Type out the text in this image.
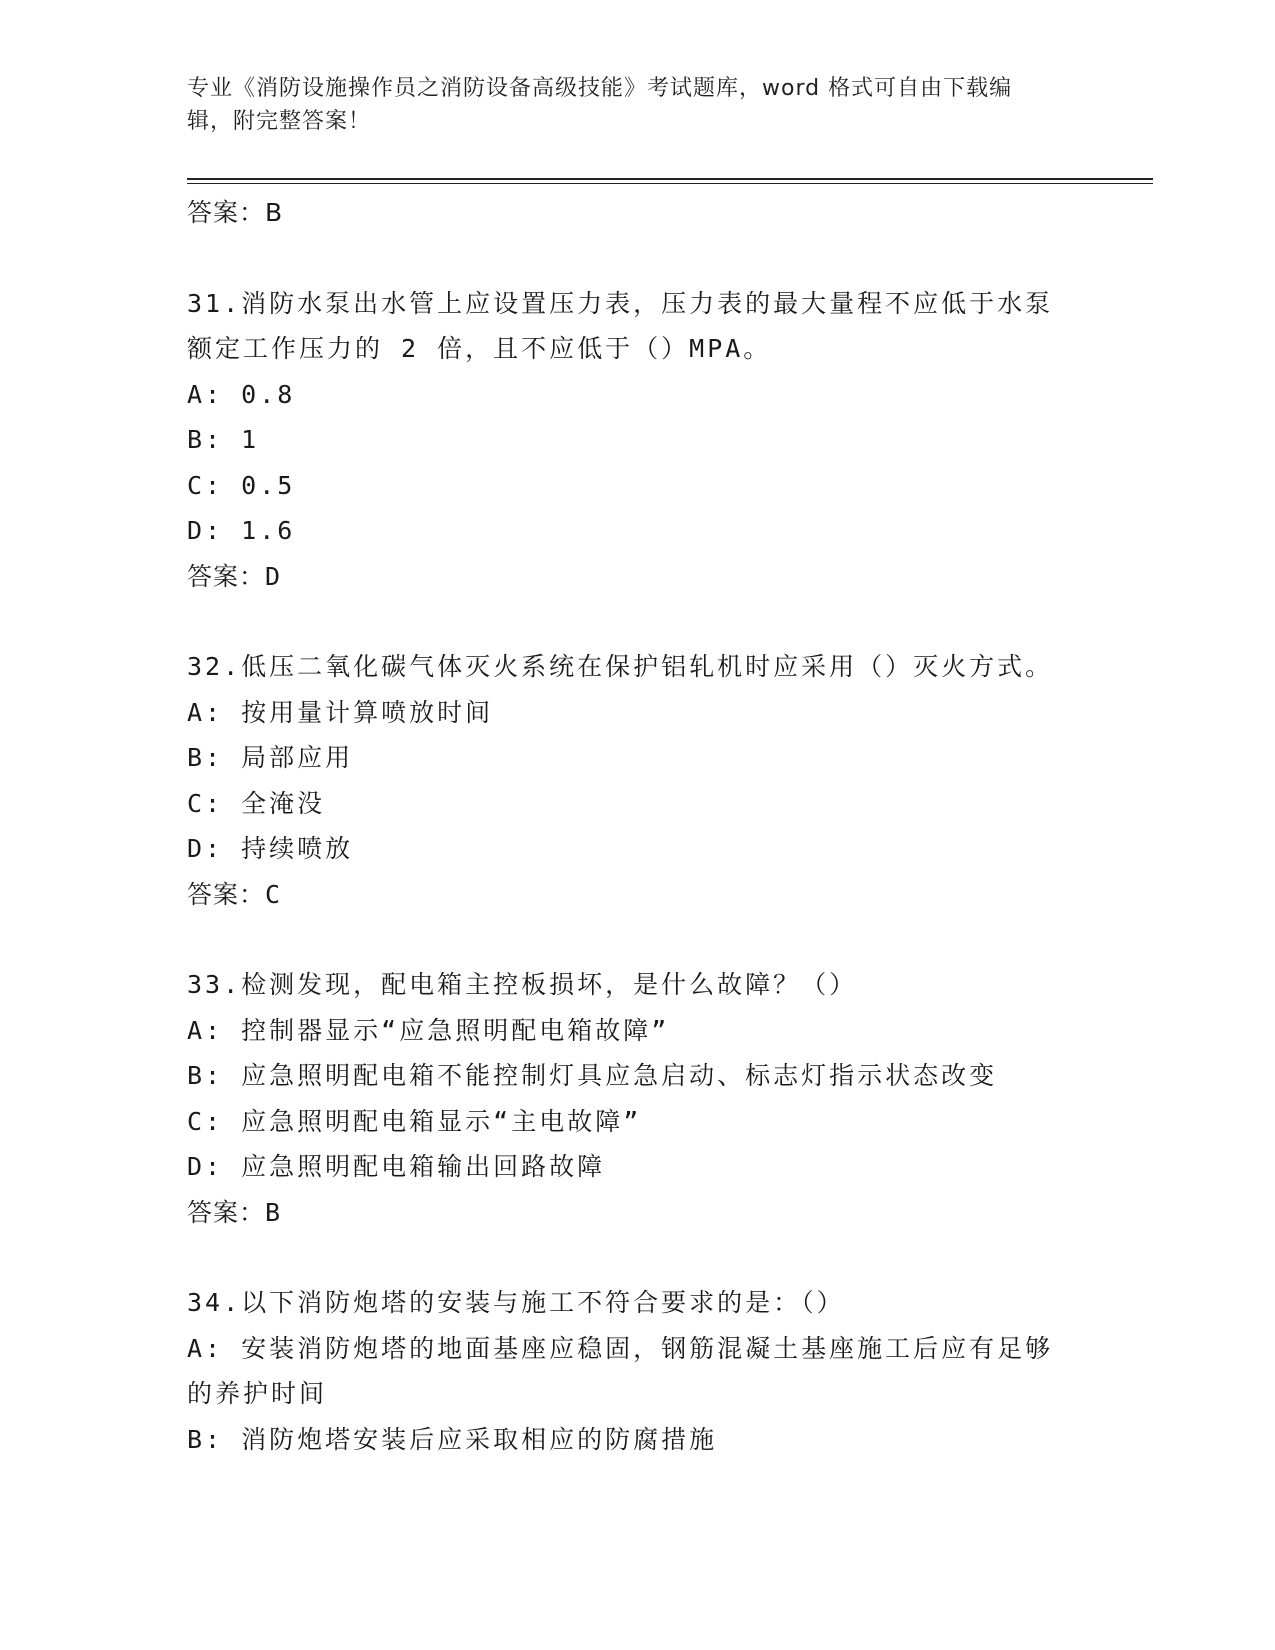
专业《消防设施操作员之消防设备高级技能》考试题库，word 格式可自由下载编
辑，附完整答案！
答案：B
31.消防水泵出水管上应设置压力表，压力表的最大量程不应低于水泵
额定工作压力的 2 倍，且不应低于（）MPA。
A: 0.8
B: 1
C: 0.5
D: 1.6
答案：D
32.低压二氧化碳气体灭火系统在保护铝轧机时应采用（）灭火方式。
A: 按用量计算喷放时间
B: 局部应用
C: 全淹没
D: 持续喷放
答案：C
33.检测发现，配电箱主控板损坏，是什么故障？（）
A: 控制器显示“应急照明配电箱故障”
B: 应急照明配电箱不能控制灯具应急启动、标志灯指示状态改变
C: 应急照明配电箱显示“主电故障”
D: 应急照明配电箱输出回路故障
答案：B
34.以下消防炮塔的安装与施工不符合要求的是：（）
A: 安装消防炮塔的地面基座应稳固，钢筋混凝土基座施工后应有足够
的养护时间
B: 消防炮塔安装后应采取相应的防腐措施
